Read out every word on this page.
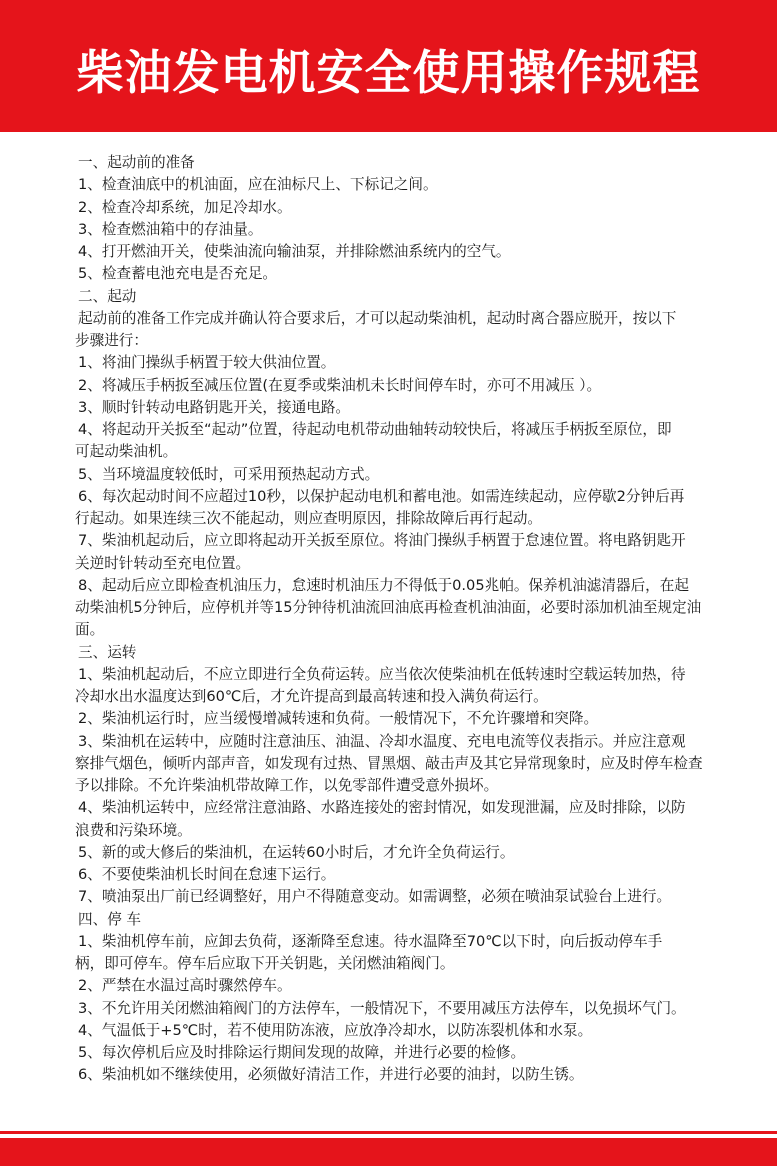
柴油发电机安全使用操作规程

一、起动前的准备

1、检查油底中的机油面，应在油标尺上、下标记之间。

2、检查冷却系统，加足冷却水。

3、检查燃油箱中的存油量。

4、打开燃油开关，使柴油流向输油泵，并排除燃油系统内的空气。

5、检查蓄电池充电是否充足。

二、起动

起动前的准备工作完成并确认符合要求后，才可以起动柴油机，起动时离合器应脱开，按以下

步骤进行：

1、将油门操纵手柄置于较大供油位置。

2、将减压手柄扳至减压位置(在夏季或柴油机未长时间停车时，亦可不用减压 ）。

3、顺时针转动电路钥匙开关，接通电路。

4、将起动开关扳至“起动”位置，待起动电机带动曲轴转动较快后，将减压手柄扳至原位，即

可起动柴油机。

5、当环境温度较低时，可采用预热起动方式。

6、每次起动时间不应超过10秒，以保护起动电机和蓄电池。如需连续起动，应停歇2分钟后再

行起动。如果连续三次不能起动，则应查明原因，排除故障后再行起动。

7、柴油机起动后，应立即将起动开关扳至原位。将油门操纵手柄置于怠速位置。将电路钥匙开

关逆时针转动至充电位置。

8、起动后应立即检查机油压力，怠速时机油压力不得低于0.05兆帕。保养机油滤清器后，在起

动柴油机5分钟后，应停机并等15分钟待机油流回油底再检查机油油面，必要时添加机油至规定油

面。

三、运转

1、柴油机起动后，不应立即进行全负荷运转。应当依次使柴油机在低转速时空载运转加热，待

冷却水出水温度达到60℃后，才允许提高到最高转速和投入满负荷运行。

2、柴油机运行时，应当缓慢增减转速和负荷。一般情况下，不允许骤增和突降。

3、柴油机在运转中，应随时注意油压、油温、冷却水温度、充电电流等仪表指示。并应注意观

察排气烟色，倾听内部声音，如发现有过热、冒黑烟、敲击声及其它异常现象时，应及时停车检查

予以排除。不允许柴油机带故障工作，以免零部件遭受意外损坏。

4、柴油机运转中，应经常注意油路、水路连接处的密封情况，如发现泄漏，应及时排除，以防

浪费和污染环境。

5、新的或大修后的柴油机，在运转60小时后，才允许全负荷运行。

6、不要使柴油机长时间在怠速下运行。

7、喷油泵出厂前已经调整好，用户不得随意变动。如需调整，必须在喷油泵试验台上进行。

四、停 车

1、柴油机停车前，应卸去负荷，逐渐降至怠速。待水温降至70℃以下时，向后扳动停车手

柄，即可停车。停车后应取下开关钥匙，关闭燃油箱阀门。

2、严禁在水温过高时骤然停车。

3、不允许用关闭燃油箱阀门的方法停车，一般情况下，不要用减压方法停车，以免损坏气门。

4、气温低于+5℃时，若不使用防冻液，应放净冷却水，以防冻裂机体和水泵。

5、每次停机后应及时排除运行期间发现的故障，并进行必要的检修。

6、柴油机如不继续使用，必须做好清洁工作，并进行必要的油封，以防生锈。
